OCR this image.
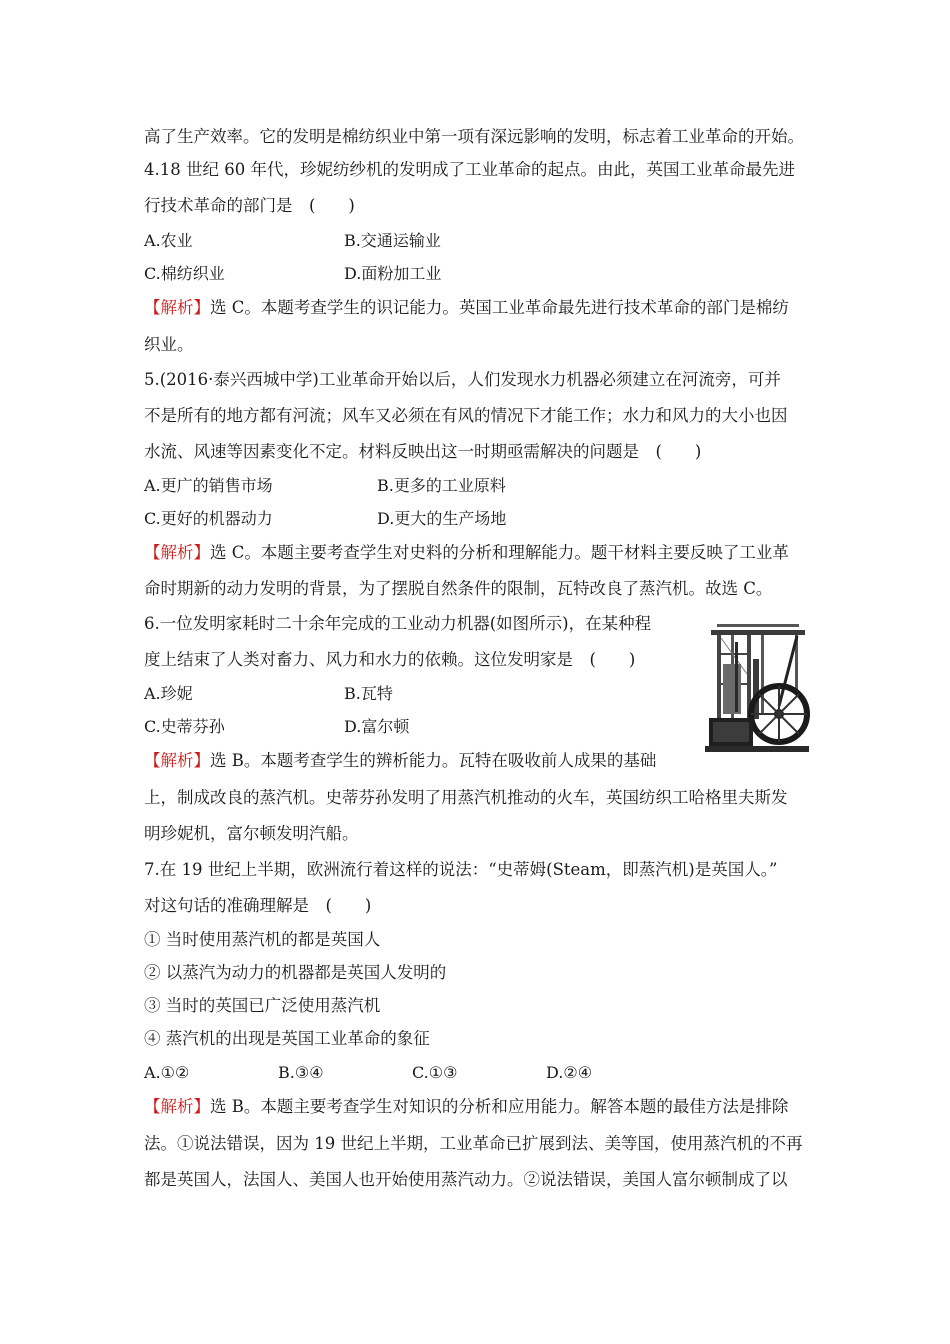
高了生产效率。它的发明是棉纺织业中第一项有深远影响的发明，标志着工业革命的开始。
4.18 世纪 60 年代，珍妮纺纱机的发明成了工业革命的起点。由此，英国工业革命最先进
行技术革命的部门是　(　　)
A.农业	B.交通运输业
C.棉纺织业	D.面粉加工业
【解析】选 C。本题考查学生的识记能力。英国工业革命最先进行技术革命的部门是棉纺
织业。
5.(2016·泰兴西城中学)工业革命开始以后，人们发现水力机器必须建立在河流旁，可并
不是所有的地方都有河流；风车又必须在有风的情况下才能工作；水力和风力的大小也因
水流、风速等因素变化不定。材料反映出这一时期亟需解决的问题是　(　　)
A.更广的销售市场	B.更多的工业原料
C.更好的机器动力	D.更大的生产场地
【解析】选 C。本题主要考查学生对史料的分析和理解能力。题干材料主要反映了工业革
命时期新的动力发明的背景，为了摆脱自然条件的限制，瓦特改良了蒸汽机。故选 C。
6.一位发明家耗时二十余年完成的工业动力机器(如图所示)，在某种程
度上结束了人类对畜力、风力和水力的依赖。这位发明家是　(　　)
A.珍妮	B.瓦特
C.史蒂芬孙	D.富尔顿
【解析】选 B。本题考查学生的辨析能力。瓦特在吸收前人成果的基础
上，制成改良的蒸汽机。史蒂芬孙发明了用蒸汽机推动的火车，英国纺织工哈格里夫斯发
明珍妮机，富尔顿发明汽船。
7.在 19 世纪上半期，欧洲流行着这样的说法：“史蒂姆(Steam，即蒸汽机)是英国人。”
对这句话的准确理解是　(　　)
① 当时使用蒸汽机的都是英国人
② 以蒸汽为动力的机器都是英国人发明的
③ 当时的英国已广泛使用蒸汽机
④ 蒸汽机的出现是英国工业革命的象征
A.①②	B.③④	C.①③	D.②④
【解析】选 B。本题主要考查学生对知识的分析和应用能力。解答本题的最佳方法是排除
法。①说法错误，因为 19 世纪上半期，工业革命已扩展到法、美等国，使用蒸汽机的不再
都是英国人，法国人、美国人也开始使用蒸汽动力。②说法错误，美国人富尔顿制成了以
